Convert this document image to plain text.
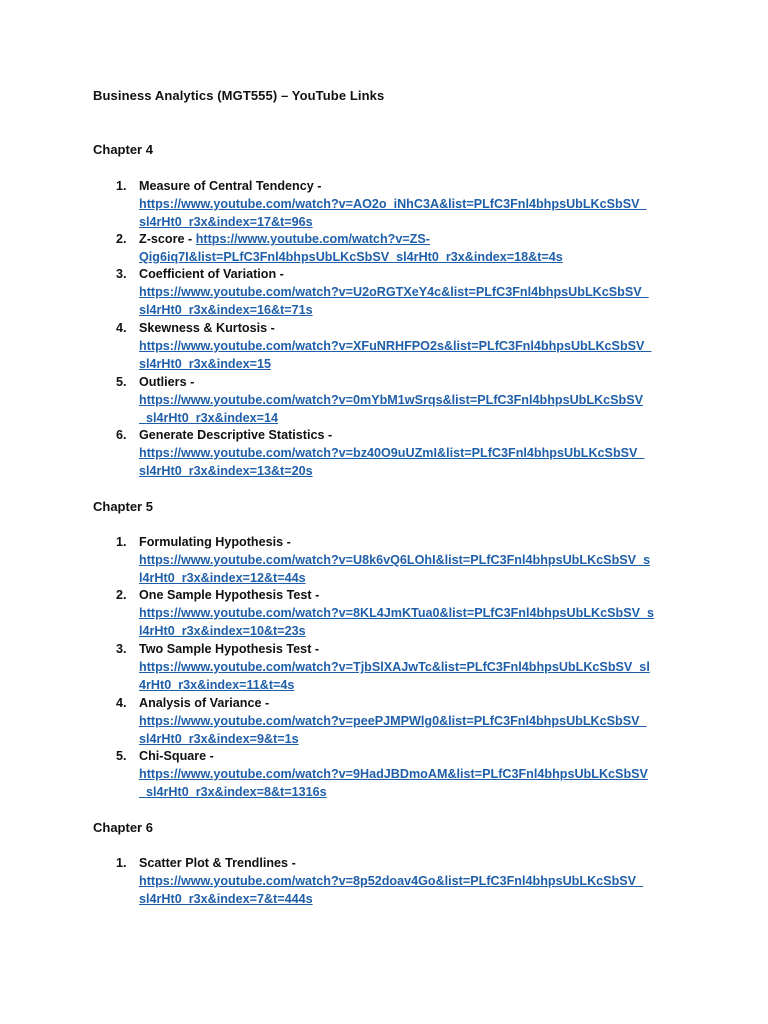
Business Analytics (MGT555) – YouTube Links
Chapter 4
1. Measure of Central Tendency -
https://www.youtube.com/watch?v=AO2o_iNhC3A&list=PLfC3Fnl4bhpsUbLKcSbSV_
sl4rHt0_r3x&index=17&t=96s
2. Z-score - https://www.youtube.com/watch?v=ZS-
Qig6iq7I&list=PLfC3Fnl4bhpsUbLKcSbSV_sl4rHt0_r3x&index=18&t=4s
3. Coefficient of Variation -
https://www.youtube.com/watch?v=U2oRGTXeY4c&list=PLfC3Fnl4bhpsUbLKcSbSV_
sl4rHt0_r3x&index=16&t=71s
4. Skewness & Kurtosis -
https://www.youtube.com/watch?v=XFuNRHFPO2s&list=PLfC3Fnl4bhpsUbLKcSbSV_
sl4rHt0_r3x&index=15
5. Outliers -
https://www.youtube.com/watch?v=0mYbM1wSrqs&list=PLfC3Fnl4bhpsUbLKcSbSV
_sl4rHt0_r3x&index=14
6. Generate Descriptive Statistics -
https://www.youtube.com/watch?v=bz40O9uUZmI&list=PLfC3Fnl4bhpsUbLKcSbSV_
sl4rHt0_r3x&index=13&t=20s
Chapter 5
1. Formulating Hypothesis -
https://www.youtube.com/watch?v=U8k6vQ6LOhI&list=PLfC3Fnl4bhpsUbLKcSbSV_s
l4rHt0_r3x&index=12&t=44s
2. One Sample Hypothesis Test -
https://www.youtube.com/watch?v=8KL4JmKTua0&list=PLfC3Fnl4bhpsUbLKcSbSV_s
l4rHt0_r3x&index=10&t=23s
3. Two Sample Hypothesis Test -
https://www.youtube.com/watch?v=TjbSlXAJwTc&list=PLfC3Fnl4bhpsUbLKcSbSV_sl
4rHt0_r3x&index=11&t=4s
4. Analysis of Variance -
https://www.youtube.com/watch?v=peePJMPWlg0&list=PLfC3Fnl4bhpsUbLKcSbSV_
sl4rHt0_r3x&index=9&t=1s
5. Chi-Square -
https://www.youtube.com/watch?v=9HadJBDmoAM&list=PLfC3Fnl4bhpsUbLKcSbSV
_sl4rHt0_r3x&index=8&t=1316s
Chapter 6
1. Scatter Plot & Trendlines -
https://www.youtube.com/watch?v=8p52doav4Go&list=PLfC3Fnl4bhpsUbLKcSbSV_
sl4rHt0_r3x&index=7&t=444s
